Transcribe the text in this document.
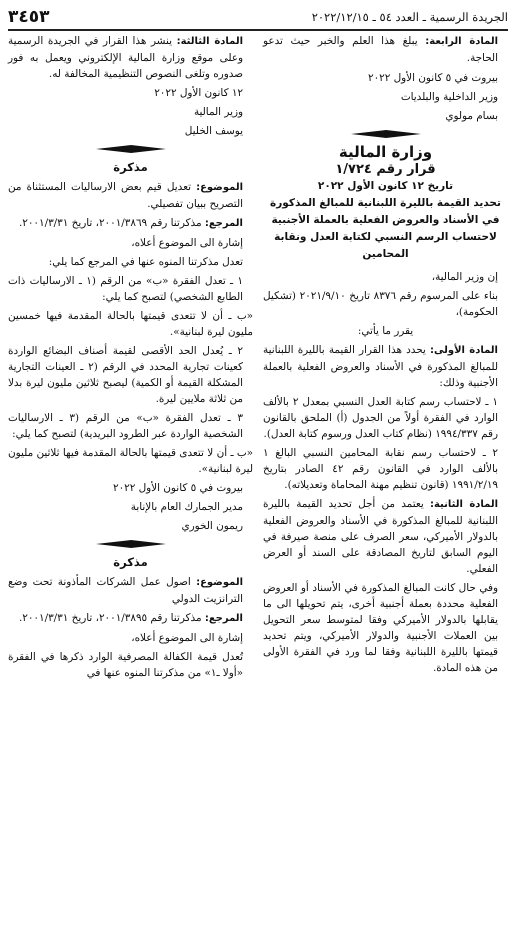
الجريدة الرسمية ـ العدد ٥٤ ـ ٢٠٢٢/١٢/١٥
٣٤٥٣

المادة الرابعة: يبلغ هذا العلم والخبر حيث تدعو الحاجة.

بيروت في ٥ كانون الأول ٢٠٢٢

وزير الداخلية والبلديات

بسام مولوي

وزارة المالية
قرار رقم ١/٧٢٤
تاريخ ١٢ كانون الأول ٢٠٢٢
تحديد القيمة بالليرة اللبنانية للمبالغ المذكورة في الأسناد والعروض الفعلية بالعملة الأجنبية لاحتساب الرسم النسبي لكتابة العدل ونقابة المحامين

إن وزير المالية،

بناء على المرسوم رقم ٨٣٧٦ تاريخ ٢٠٢١/٩/١٠ (تشكيل الحكومة)،

يقرر ما يأتي:

المادة الأولى: يحدد هذا القرار القيمة بالليرة اللبنانية للمبالغ المذكورة في الأسناد والعروض الفعلية بالعملة الأجنبية وذلك:

١ ـ لاحتساب رسم كتابة العدل النسبي بمعدل ٢ بالألف الوارد في الفقرة أولاً من الجدول (أ) الملحق بالقانون رقم ١٩٩٤/٣٣٧ (نظام كتاب العدل ورسوم كتابة العدل).

٢ ـ لاحتساب رسم نقابة المحامين النسبي البالغ ١ بالألف الوارد في القانون رقم ٤٢ الصادر بتاريخ ١٩٩١/٢/١٩ (قانون تنظيم مهنة المحاماة وتعديلاته).

المادة الثانية: يعتمد من أجل تحديد القيمة بالليرة اللبنانية للمبالغ المذكورة في الأسناد والعروض الفعلية بالدولار الأميركي، سعر الصرف على منصة صيرفة في اليوم السابق لتاريخ المصادقة على السند أو العرض الفعلي.

وفي حال كانت المبالغ المذكورة في الأسناد أو العروض الفعلية محددة بعملة أجنبية أخرى، يتم تحويلها الى ما يقابلها بالدولار الأميركي وفقا لمتوسط سعر التحويل بين العملات الأجنبية والدولار الأميركي، ويتم تحديد قيمتها بالليرة اللبنانية وفقا لما ورد في الفقرة الأولى من هذه المادة.

المادة الثالثة: ينشر هذا القرار في الجريدة الرسمية وعلى موقع وزارة المالية الإلكتروني ويعمل به فور صدوره وتلغى النصوص التنظيمية المخالفة له.

١٢ كانون الأول ٢٠٢٢

وزير المالية

يوسف الخليل

مذكرة

الموضوع: تعديل قيم بعض الارساليات المستثناة من التصريح ببيان تفصيلي.

المرجع: مذكرتنا رقم ٢٠٠١/٣٨٦٩، تاريخ ٢٠٠١/٣/٣١.

إشارة الى الموضوع أعلاه،

تعدل مذكرتنا المنوه عنها في المرجع كما يلي:

١ ـ تعدل الفقرة «ب» من الرقم (١ ـ الارساليات ذات الطابع الشخصي) لتصبح كما يلي:

«ب ـ أن لا تتعدى قيمتها بالحالة المقدمة فيها خمسين مليون ليرة لبنانية».

٢ ـ يُعدل الحد الأقصى لقيمة أصناف البضائع الواردة كعينات تجارية المحدد في الرقم (٢ ـ العينات التجارية المشكلة القيمة أو الكمية) ليصبح ثلاثين مليون ليرة بدلا من ثلاثة ملايين ليرة.

٣ ـ تعدل الفقرة «ب» من الرقم (٣ ـ الارساليات الشخصية الواردة عبر الطرود البريدية) لتصبح كما يلي:

«ب ـ أن لا تتعدى قيمتها بالحالة المقدمة فيها ثلاثين مليون ليرة لبنانية».

بيروت في ٥ كانون الأول ٢٠٢٢

مدير الجمارك العام بالإنابة

ريمون الخوري

مذكرة

الموضوع: اصول عمل الشركات المأذونة تحت وضع الترانزيت الدولي

المرجع: مذكرتنا رقم ٢٠٠١/٣٨٩٥، تاريخ ٢٠٠١/٣/٣١.

إشارة الى الموضوع أعلاه،

تُعدل قيمة الكفالة المصرفية الوارد ذكرها في الفقرة «أولا ـ١» من مذكرتنا المنوه عنها في
